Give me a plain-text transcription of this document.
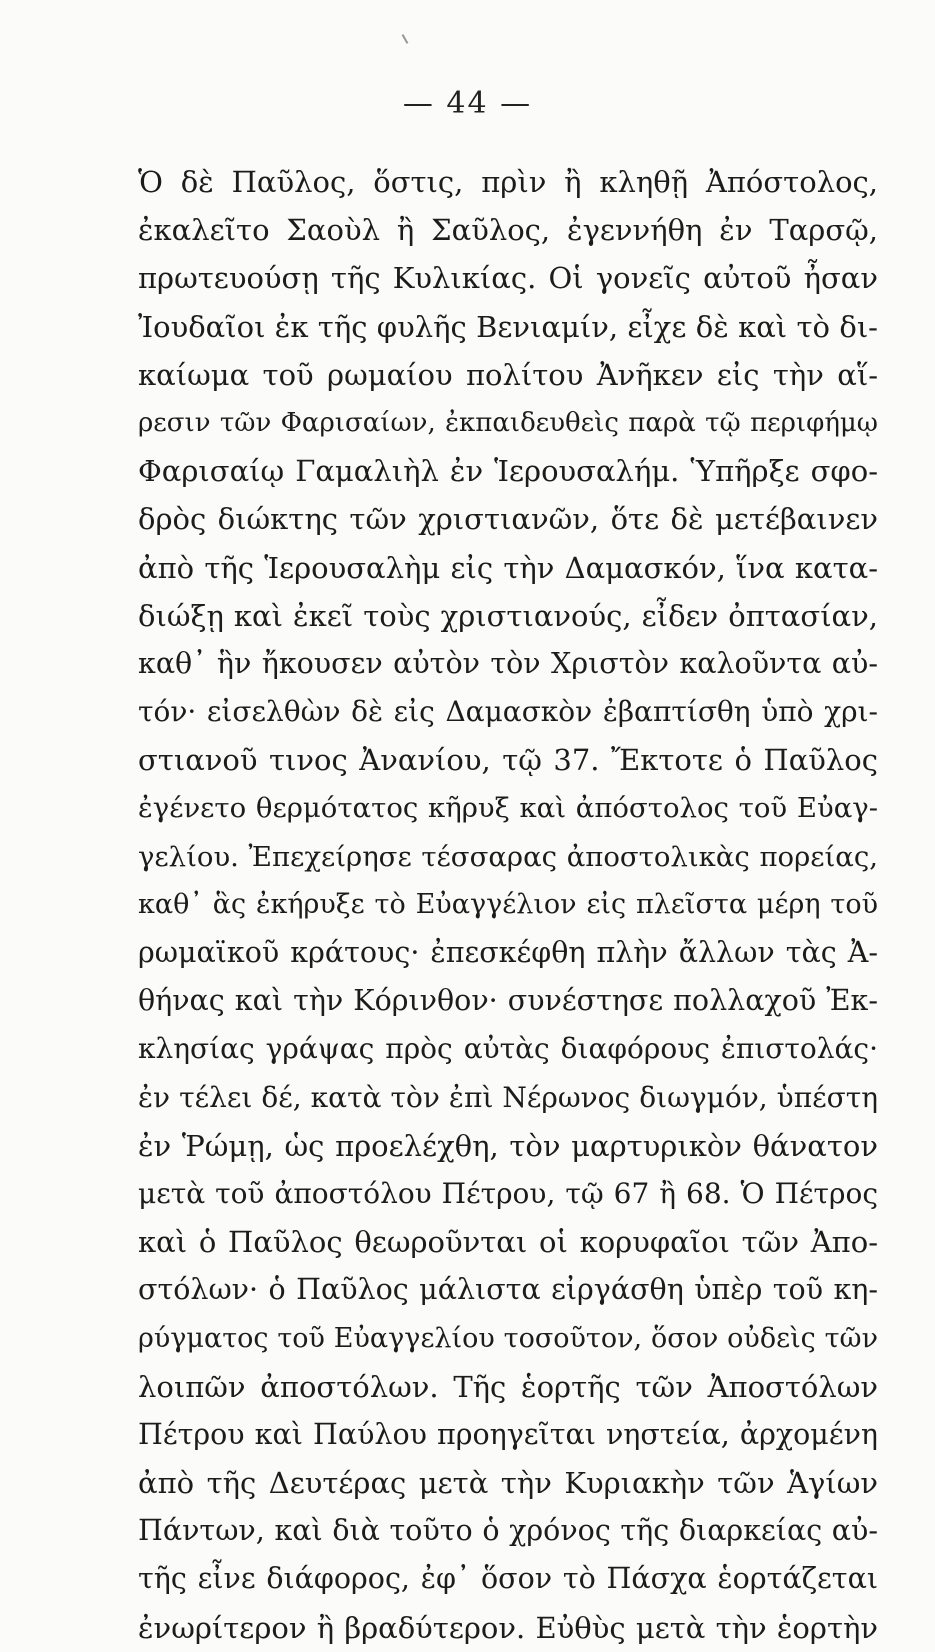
— 44 —
Ὁ δὲ Παῦλος, ὅστις, πρὶν ἢ κληθῇ Ἀπόστολος,
ἐκαλεῖτο Σαοὺλ ἢ Σαῦλος, ἐγεννήθη ἐν Ταρσῷ,
πρωτευούσῃ τῆς Κυλικίας. Οἱ γονεῖς αὐτοῦ ἦσαν
Ἰουδαῖοι ἐκ τῆς φυλῆς Βενιαμίν, εἶχε δὲ καὶ τὸ δι-
καίωμα τοῦ ρωμαίου πολίτου Ἀνῆκεν εἰς τὴν αἵ-
ρεσιν τῶν Φαρισαίων, ἐκπαιδευθεὶς παρὰ τῷ περιφήμῳ
Φαρισαίῳ Γαμαλιὴλ ἐν Ἱερουσαλήμ. Ὑπῆρξε σφο-
δρὸς διώκτης τῶν χριστιανῶν, ὅτε δὲ μετέβαινεν
ἀπὸ τῆς Ἱερουσαλὴμ εἰς τὴν Δαμασκόν, ἵνα κατα-
διώξῃ καὶ ἐκεῖ τοὺς χριστιανούς, εἶδεν ὀπτασίαν,
καθ᾿ ἣν ἤκουσεν αὐτὸν τὸν Χριστὸν καλοῦντα αὐ-
τόν· εἰσελθὼν δὲ εἰς Δαμασκὸν ἐβαπτίσθη ὑπὸ χρι-
στιανοῦ τινος Ἀνανίου, τῷ 37. Ἔκτοτε ὁ Παῦλος
ἐγένετο θερμότατος κῆρυξ καὶ ἀπόστολος τοῦ Εὐαγ-
γελίου. Ἐπεχείρησε τέσσαρας ἀποστολικὰς πορείας,
καθ᾿ ἃς ἐκήρυξε τὸ Εὐαγγέλιον εἰς πλεῖστα μέρη τοῦ
ρωμαϊκοῦ κράτους· ἐπεσκέφθη πλὴν ἄλλων τὰς Ἀ-
θήνας καὶ τὴν Κόρινθον· συνέστησε πολλαχοῦ Ἐκ-
κλησίας γράψας πρὸς αὐτὰς διαφόρους ἐπιστολάς·
ἐν τέλει δέ, κατὰ τὸν ἐπὶ Νέρωνος διωγμόν, ὑπέστη
ἐν Ῥώμῃ, ὡς προελέχθη, τὸν μαρτυρικὸν θάνατον
μετὰ τοῦ ἀποστόλου Πέτρου, τῷ 67 ἢ 68. Ὁ Πέτρος
καὶ ὁ Παῦλος θεωροῦνται οἱ κορυφαῖοι τῶν Ἀπο-
στόλων· ὁ Παῦλος μάλιστα εἰργάσθη ὑπὲρ τοῦ κη-
ρύγματος τοῦ Εὐαγγελίου τοσοῦτον, ὅσον οὐδεὶς τῶν
λοιπῶν ἀποστόλων. Τῆς ἑορτῆς τῶν Ἀποστόλων
Πέτρου καὶ Παύλου προηγεῖται νηστεία, ἀρχομένη
ἀπὸ τῆς Δευτέρας μετὰ τὴν Κυριακὴν τῶν Ἁγίων
Πάντων, καὶ διὰ τοῦτο ὁ χρόνος τῆς διαρκείας αὐ-
τῆς εἶνε διάφορος, ἐφ᾿ ὅσον τὸ Πάσχα ἑορτάζεται
ἐνωρίτερον ἢ βραδύτερον. Εὐθὺς μετὰ τὴν ἑορτὴν
